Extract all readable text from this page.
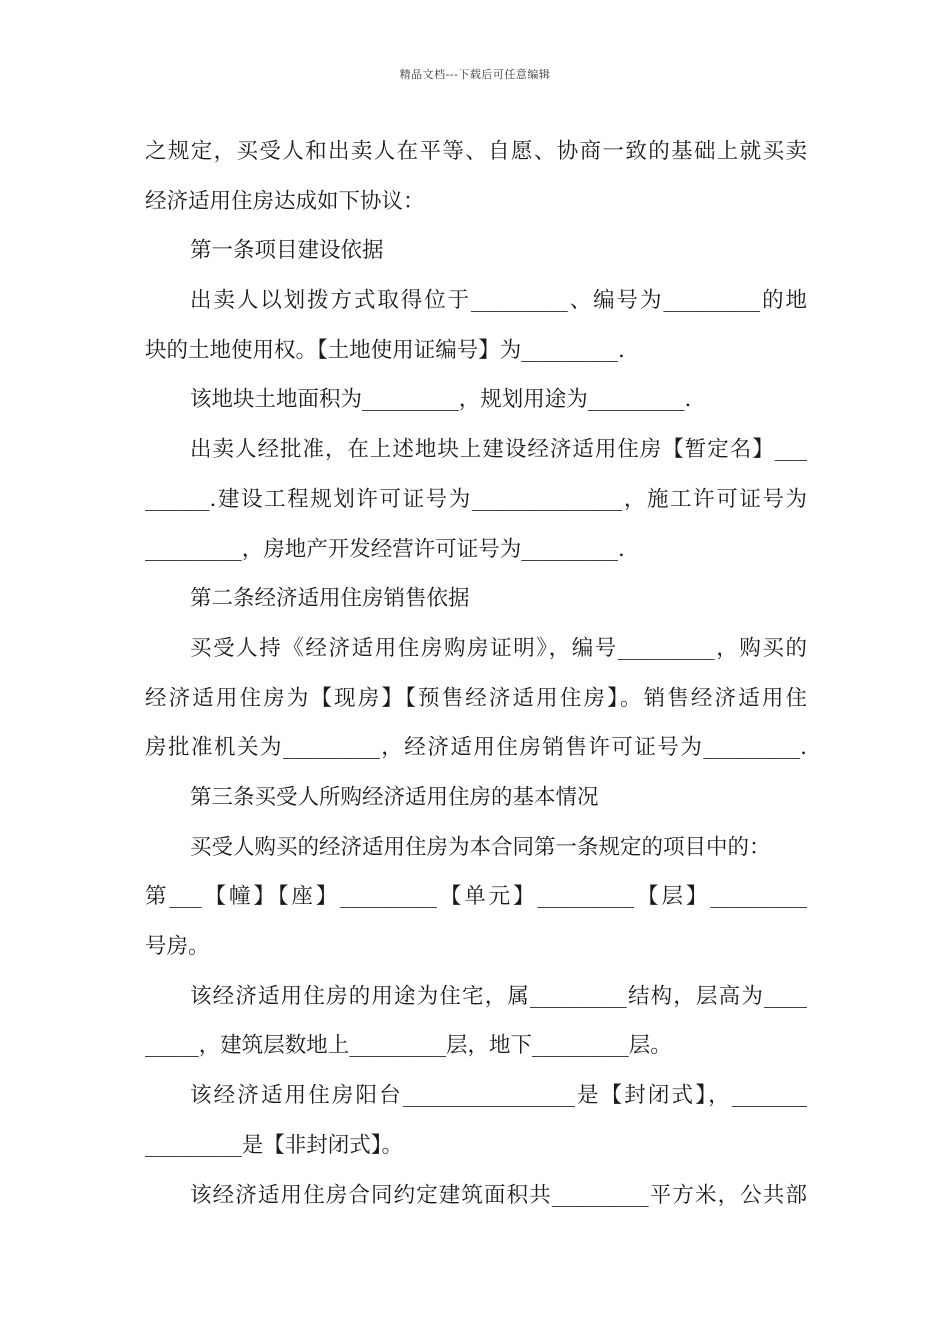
精品文档---下载后可任意编辑
之规定，买受人和出卖人在平等、自愿、协商一致的基础上就买卖
经济适用住房达成如下协议：
第一条项目建设依据
出卖人以划拨方式取得位于_________、编号为_________的地
块的土地使用权。【土地使用证编号】为_________.
该地块土地面积为_________，规划用途为_________.
出卖人经批准，在上述地块上建设经济适用住房【暂定名】___
______.建设工程规划许可证号为______________，施工许可证号为
_________，房地产开发经营许可证号为_________.
第二条经济适用住房销售依据
买受人持《经济适用住房购房证明》，编号_________，购买的
经济适用住房为【现房】【预售经济适用住房】。销售经济适用住
房批准机关为_________，经济适用住房销售许可证号为_________.
第三条买受人所购经济适用住房的基本情况
买受人购买的经济适用住房为本合同第一条规定的项目中的：
第___【幢】【座】_________【单元】_________【层】_________
号房。
该经济适用住房的用途为住宅，属_________结构，层高为____
_____，建筑层数地上_________层，地下_________层。
该经济适用住房阳台________________是【封闭式】，_______
_________是【非封闭式】。
该经济适用住房合同约定建筑面积共_________平方米，公共部
